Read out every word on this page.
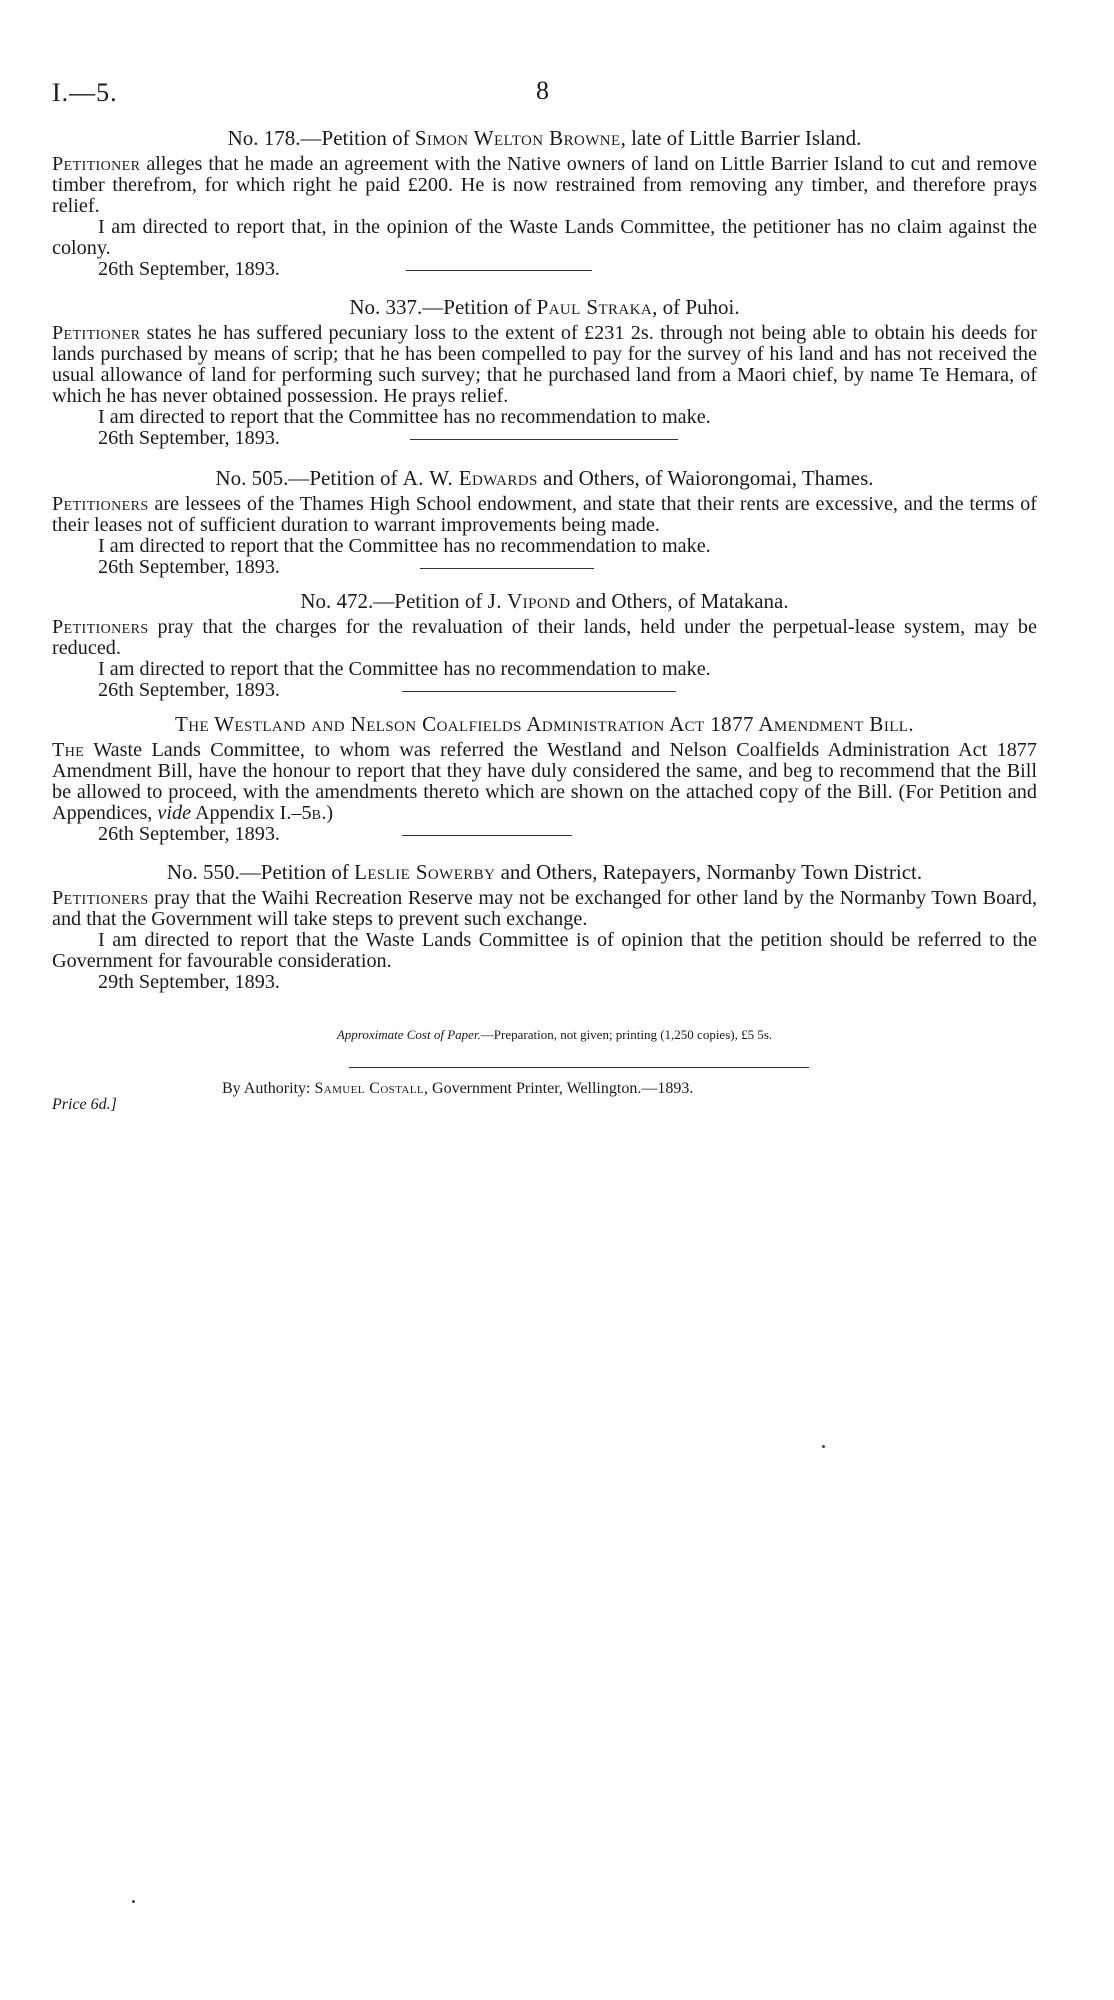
I.—5.	8

No. 178.—Petition of Simon Welton Browne, late of Little Barrier Island.

Petitioner alleges that he made an agreement with the Native owners of land on Little Barrier Island to cut and remove timber therefrom, for which right he paid £200. He is now restrained from removing any timber, and therefore prays relief.

I am directed to report that, in the opinion of the Waste Lands Committee, the petitioner has no claim against the colony.

26th September, 1893.

No. 337.—Petition of Paul Straka, of Puhoi.

Petitioner states he has suffered pecuniary loss to the extent of £231 2s. through not being able to obtain his deeds for lands purchased by means of scrip; that he has been compelled to pay for the survey of his land and has not received the usual allowance of land for performing such survey; that he purchased land from a Maori chief, by name Te Hemara, of which he has never obtained possession. He prays relief.

I am directed to report that the Committee has no recommendation to make.

26th September, 1893.

No. 505.—Petition of A. W. Edwards and Others, of Waiorongomai, Thames.

Petitioners are lessees of the Thames High School endowment, and state that their rents are excessive, and the terms of their leases not of sufficient duration to warrant improvements being made.

I am directed to report that the Committee has no recommendation to make.

26th September, 1893.

No. 472.—Petition of J. Vipond and Others, of Matakana.

Petitioners pray that the charges for the revaluation of their lands, held under the perpetual-lease system, may be reduced.

I am directed to report that the Committee has no recommendation to make.

26th September, 1893.

The Westland and Nelson Coalfields Administration Act 1877 Amendment Bill.

The Waste Lands Committee, to whom was referred the Westland and Nelson Coalfields Administration Act 1877 Amendment Bill, have the honour to report that they have duly considered the same, and beg to recommend that the Bill be allowed to proceed, with the amendments thereto which are shown on the attached copy of the Bill. (For Petition and Appendices, vide Appendix I.–5b.)

26th September, 1893.

No. 550.—Petition of Leslie Sowerby and Others, Ratepayers, Normanby Town District.

Petitioners pray that the Waihi Recreation Reserve may not be exchanged for other land by the Normanby Town Board, and that the Government will take steps to prevent such exchange.

I am directed to report that the Waste Lands Committee is of opinion that the petition should be referred to the Government for favourable consideration.

29th September, 1893.

Approximate Cost of Paper.—Preparation, not given; printing (1,250 copies), £5 5s.

Price 6d.]
By Authority: Samuel Costall, Government Printer, Wellington.—1893.
